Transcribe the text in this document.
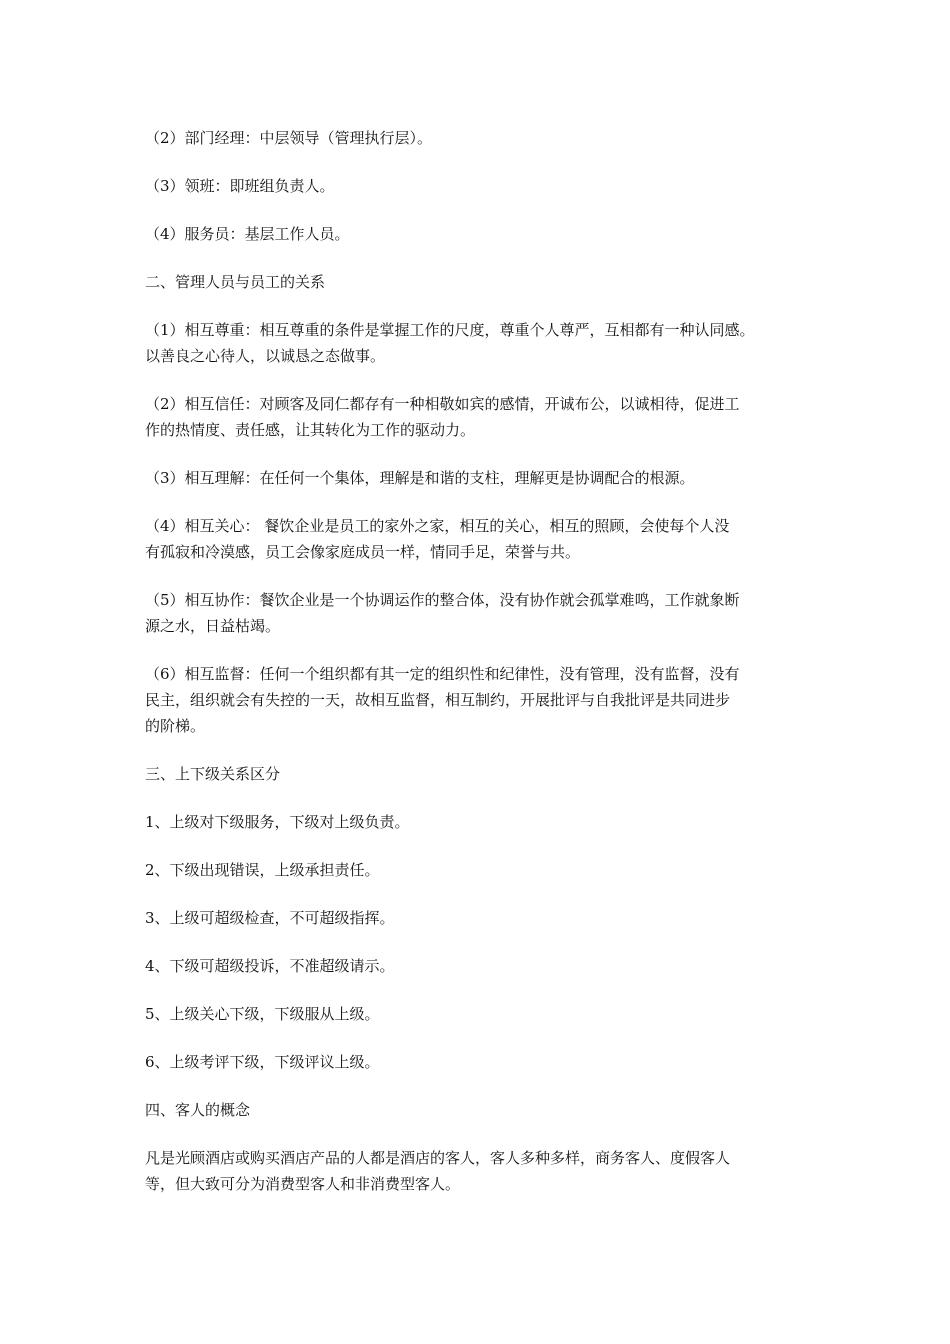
（2）部门经理：中层领导（管理执行层）。

（3）领班：即班组负责人。

（4）服务员：基层工作人员。

二、管理人员与员工的关系

（1）相互尊重：相互尊重的条件是掌握工作的尺度，尊重个人尊严，互相都有一种认同感。
以善良之心待人，以诚恳之态做事。

（2）相互信任：对顾客及同仁都存有一种相敬如宾的感情，开诚布公，以诚相待，促进工
作的热情度、责任感，让其转化为工作的驱动力。

（3）相互理解：在任何一个集体，理解是和谐的支柱，理解更是协调配合的根源。

（4）相互关心： 餐饮企业是员工的家外之家，相互的关心，相互的照顾，会使每个人没
有孤寂和冷漠感，员工会像家庭成员一样，情同手足，荣誉与共。

（5）相互协作：餐饮企业是一个协调运作的整合体，没有协作就会孤掌难鸣，工作就象断
源之水，日益枯竭。

（6）相互监督：任何一个组织都有其一定的组织性和纪律性，没有管理，没有监督，没有
民主，组织就会有失控的一天，故相互监督，相互制约，开展批评与自我批评是共同进步
的阶梯。

三、上下级关系区分

1、上级对下级服务，下级对上级负责。

2、下级出现错误，上级承担责任。

3、上级可超级检查，不可超级指挥。

4、下级可超级投诉，不准超级请示。

5、上级关心下级，下级服从上级。

6、上级考评下级，下级评议上级。

四、客人的概念

凡是光顾酒店或购买酒店产品的人都是酒店的客人，客人多种多样，商务客人、度假客人
等，但大致可分为消费型客人和非消费型客人。
